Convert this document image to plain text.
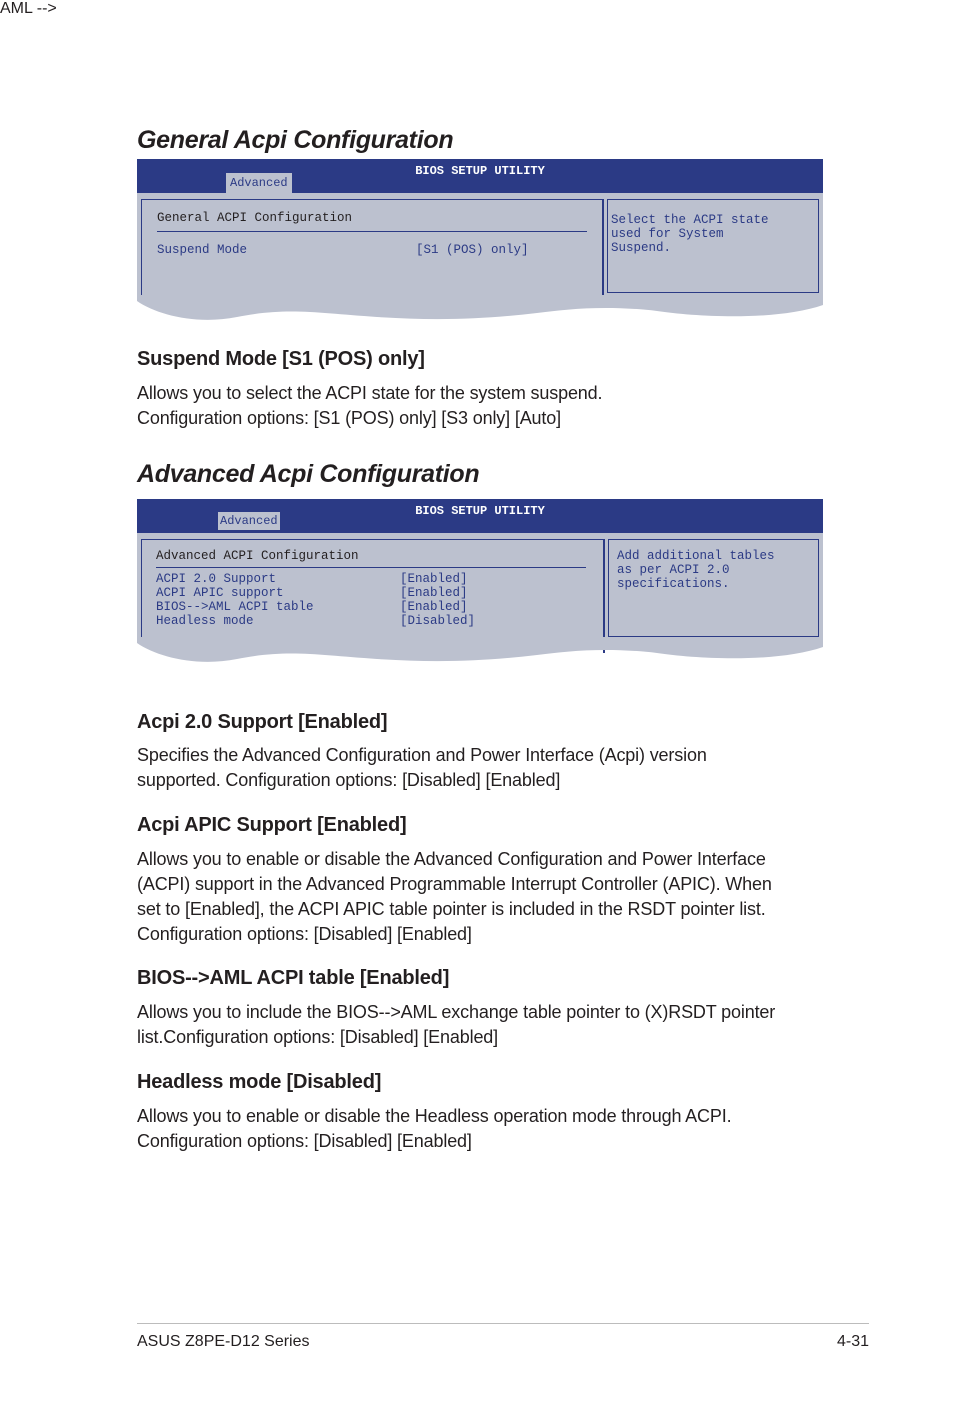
General Acpi Configuration
BIOS SETUP UTILITY
Advanced
General ACPI Configuration
Suspend Mode	[S1 (POS) only]
Select the ACPI state
used for System
Suspend.
Suspend Mode [S1 (POS) only]
Allows you to select the ACPI state for the system suspend.
Configuration options: [S1 (POS) only] [S3 only] [Auto]
Advanced Acpi Configuration
BIOS SETUP UTILITY
Advanced
Advanced ACPI Configuration
ACPI 2.0 Support	[Enabled]
ACPI APIC support	[Enabled]
BIOS-->AML ACPI table	[Enabled]
Headless mode	[Disabled]
Add additional tables
as per ACPI 2.0
specifications.
Acpi 2.0 Support [Enabled]
Specifies the Advanced Configuration and Power Interface (Acpi) version
supported. Configuration options: [Disabled] [Enabled]
Acpi APIC Support [Enabled]
Allows you to enable or disable the Advanced Configuration and Power Interface
(ACPI) support in the Advanced Programmable Interrupt Controller (APIC). When
set to [Enabled], the ACPI APIC table pointer is included in the RSDT pointer list.
Configuration options: [Disabled] [Enabled]
AML -->
BIOS-->AML ACPI table [Enabled]
Allows you to include the BIOS-->AML exchange table pointer to (X)RSDT pointer
list.Configuration options: [Disabled] [Enabled]
Headless mode [Disabled]
Allows you to enable or disable the Headless operation mode through ACPI.
Configuration options: [Disabled] [Enabled]
ASUS Z8PE-D12 Series	4-31
